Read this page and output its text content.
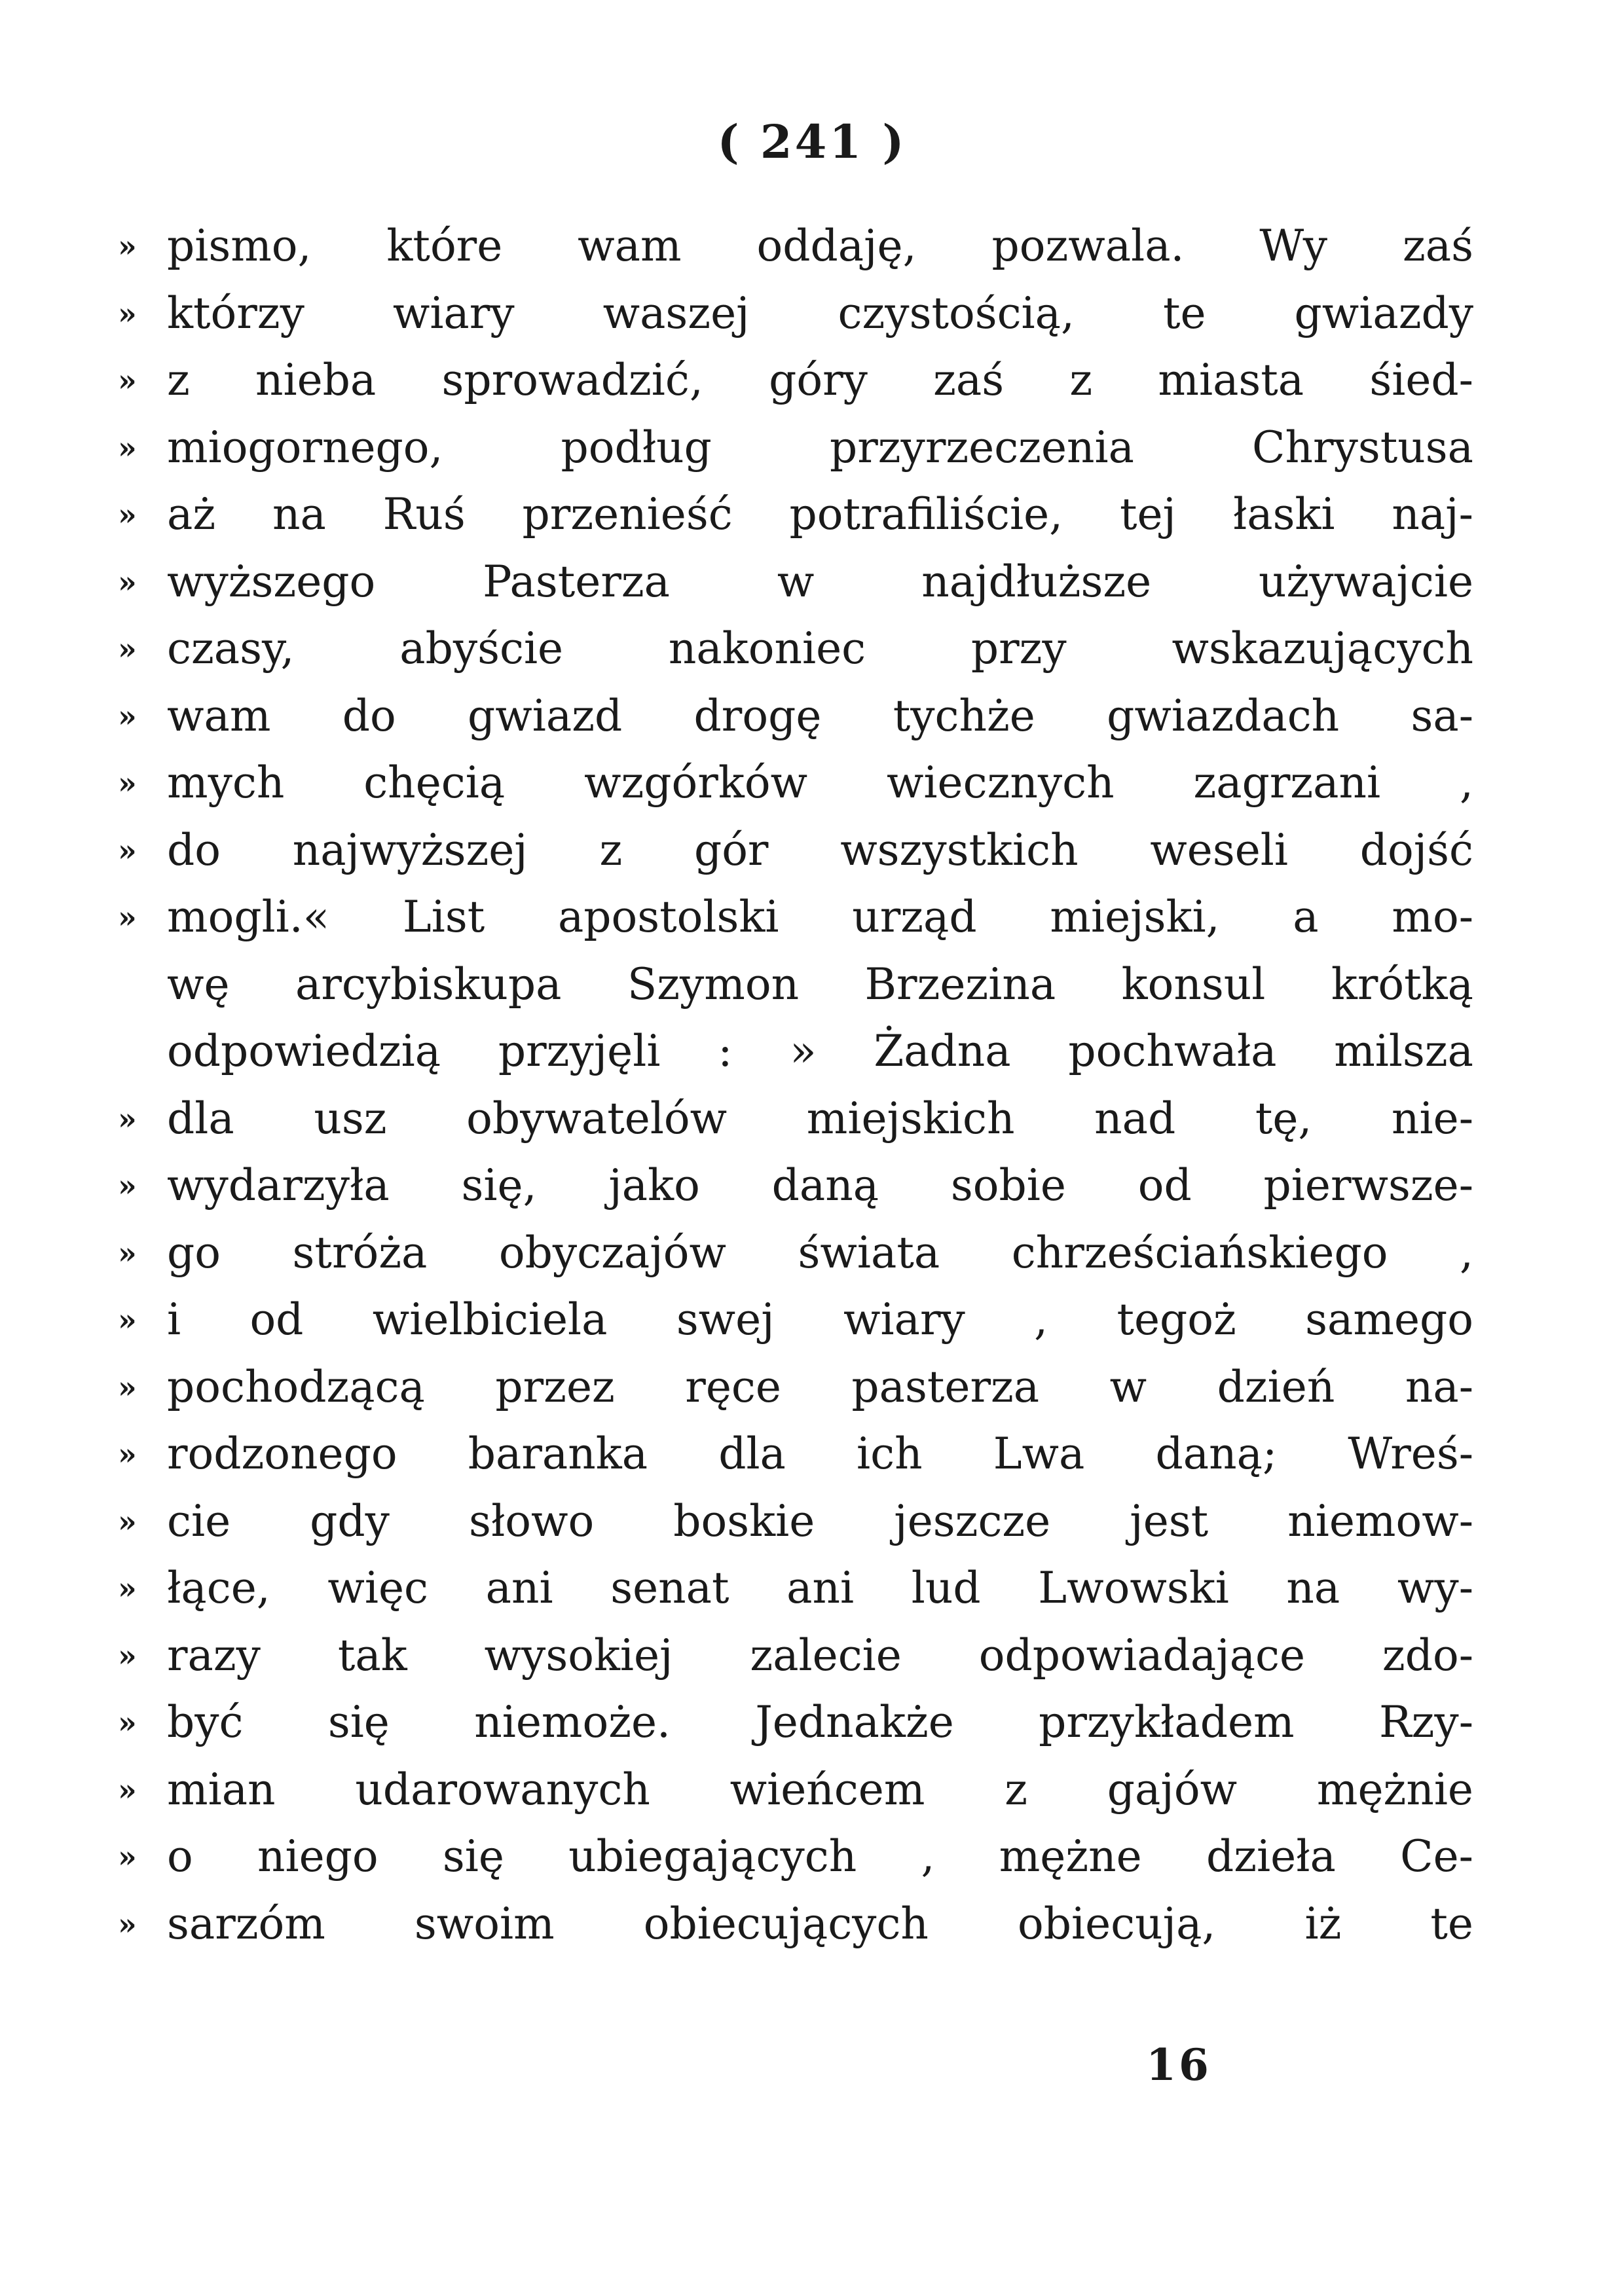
( 241 )
» pismo, które wam oddaję, pozwala. Wy zaś
» którzy wiary waszej czystością, te gwiazdy
» z nieba sprowadzić, góry zaś z miasta śied-
» miogornego, podług przyrzeczenia Chrystusa
» aż na Ruś przenieść potrafiliście, tej łaski naj-
» wyższego Pasterza w najdłuższe używajcie
» czasy, abyście nakoniec przy wskazujących
» wam do gwiazd drogę tychże gwiazdach sa-
» mych chęcią wzgórków wiecznych zagrzani ,
» do najwyższej z gór wszystkich weseli dojść
» mogli.« List apostolski urząd miejski, a mo-
wę arcybiskupa Szymon Brzezina konsul krótką
odpowiedzią przyjęli : » Żadna pochwała milsza
» dla usz obywatelów miejskich nad tę, nie-
» wydarzyła się, jako daną sobie od pierwsze-
» go stróża obyczajów świata chrześciańskiego ,
» i od wielbiciela swej wiary , tegoż samego
» pochodzącą przez ręce pasterza w dzień na-
» rodzonego baranka dla ich Lwa daną; Wreś-
» cie gdy słowo boskie jeszcze jest niemow-
» łące, więc ani senat ani lud Lwowski na wy-
» razy tak wysokiej zalecie odpowiadające zdo-
» być się niemoże. Jednakże przykładem Rzy-
» mian udarowanych wieńcem z gajów mężnie
» o niego się ubiegających , mężne dzieła Ce-
» sarzóm swoim obiecujących obiecują, iż te
16
